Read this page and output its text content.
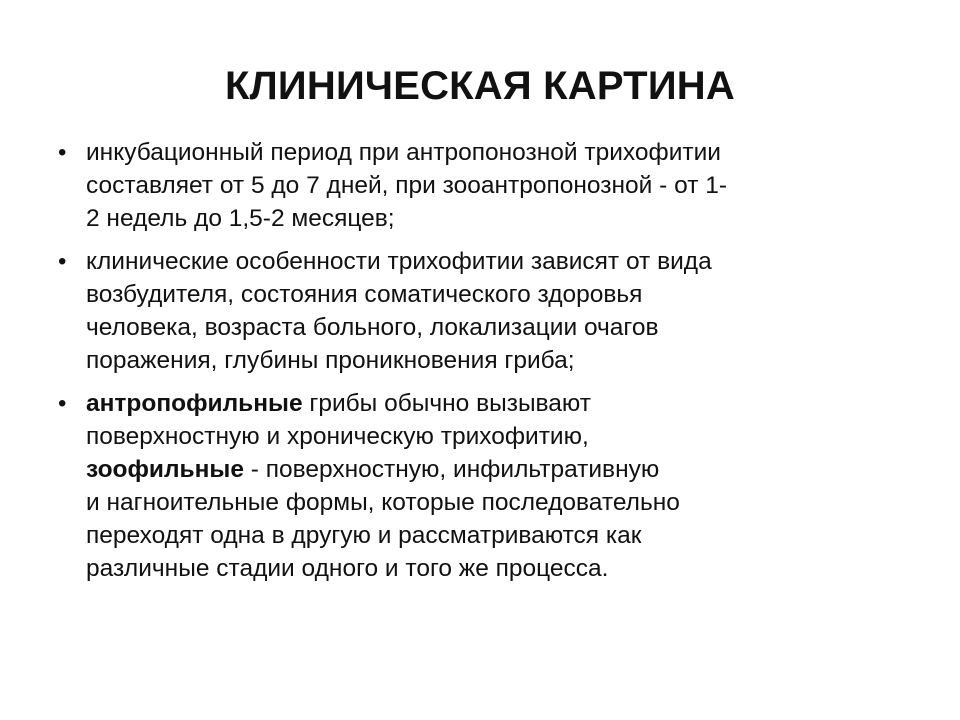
КЛИНИЧЕСКАЯ КАРТИНА
• инкубационный период при антропонозной трихофитии
составляет от 5 до 7 дней, при зооантропонозной - от 1-
2 недель до 1,5-2 месяцев;
• клинические особенности трихофитии зависят от вида
возбудителя, состояния соматического здоровья
человека, возраста больного, локализации очагов
поражения, глубины проникновения гриба;
• антропофильные грибы обычно вызывают
поверхностную и хроническую трихофитию,
зоофильные - поверхностную, инфильтративную
и нагноительные формы, которые последовательно
переходят одна в другую и рассматриваются как
различные стадии одного и того же процесса.
